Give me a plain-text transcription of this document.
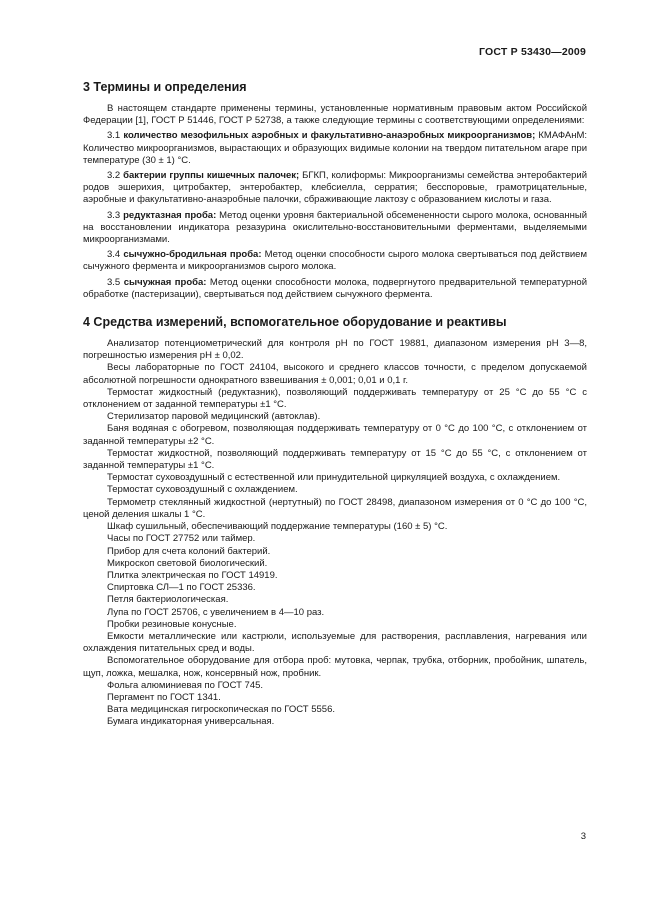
ГОСТ Р 53430—2009
3 Термины и определения

В настоящем стандарте применены термины, установленные нормативным правовым актом Российской Федерации [1], ГОСТ Р 51446, ГОСТ Р 52738, а также следующие термины с соответствующими определениями:

3.1 количество мезофильных аэробных и факультативно-анаэробных микроорганизмов; КМАФАнМ: Количество микроорганизмов, вырастающих и образующих видимые колонии на твердом питательном агаре при температуре (30 ± 1) °С.

3.2 бактерии группы кишечных палочек; БГКП, колиформы: Микроорганизмы семейства энтеробактерий родов эшерихия, цитробактер, энтеробактер, клебсиелла, серратия; бесспоровые, грамотрицательные, аэробные и факультативно-анаэробные палочки, сбраживающие лактозу с образованием кислоты и газа.

3.3 редуктазная проба: Метод оценки уровня бактериальной обсемененности сырого молока, основанный на восстановлении индикатора резазурина окислительно-восстановительными ферментами, выделяемыми микроорганизмами.

3.4 сычужно-бродильная проба: Метод оценки способности сырого молока свертываться под действием сычужного фермента и микроорганизмов сырого молока.

3.5 сычужная проба: Метод оценки способности молока, подвергнутого предварительной температурной обработке (пастеризации), свертываться под действием сычужного фермента.

4 Средства измерений, вспомогательное оборудование и реактивы

Анализатор потенциометрический для контроля рН по ГОСТ 19881, диапазоном измерения рН 3—8, погрешностью измерения рН ± 0,02.

Весы лабораторные по ГОСТ 24104, высокого и среднего классов точности, с пределом допускаемой абсолютной погрешности однократного взвешивания ± 0,001; 0,01 и 0,1 г.

Термостат жидкостный (редуктазник), позволяющий поддерживать температуру от 25 °С до 55 °С с отклонением от заданной температуры ±1 °С.

Стерилизатор паровой медицинский (автоклав).

Баня водяная с обогревом, позволяющая поддерживать температуру от 0 °С до 100 °С, с отклонением от заданной температуры ±2 °С.

Термостат жидкостной, позволяющий поддерживать температуру от 15 °С до 55 °С, с отклонением от заданной температуры ±1 °С.

Термостат суховоздушный с естественной или принудительной циркуляцией воздуха, с охлаждением.

Термостат суховоздушный с охлаждением.

Термометр стеклянный жидкостной (нертутный) по ГОСТ 28498, диапазоном измерения от 0 °С до 100 °С, ценой деления шкалы 1 °С.

Шкаф сушильный, обеспечивающий поддержание температуры (160 ± 5) °С.

Часы по ГОСТ 27752 или таймер.

Прибор для счета колоний бактерий.

Микроскоп световой биологический.

Плитка электрическая по ГОСТ 14919.

Спиртовка СЛ—1 по ГОСТ 25336.

Петля бактериологическая.

Лупа по ГОСТ 25706, с увеличением в 4—10 раз.

Пробки резиновые конусные.

Емкости металлические или кастрюли, используемые для растворения, расплавления, нагревания или охлаждения питательных сред и воды.

Вспомогательное оборудование для отбора проб: мутовка, черпак, трубка, отборник, пробойник, шпатель, щуп, ложка, мешалка, нож, консервный нож, пробник.

Фольга алюминиевая по ГОСТ 745.

Пергамент по ГОСТ 1341.

Вата медицинская гигроскопическая по ГОСТ 5556.

Бумага индикаторная универсальная.

3
